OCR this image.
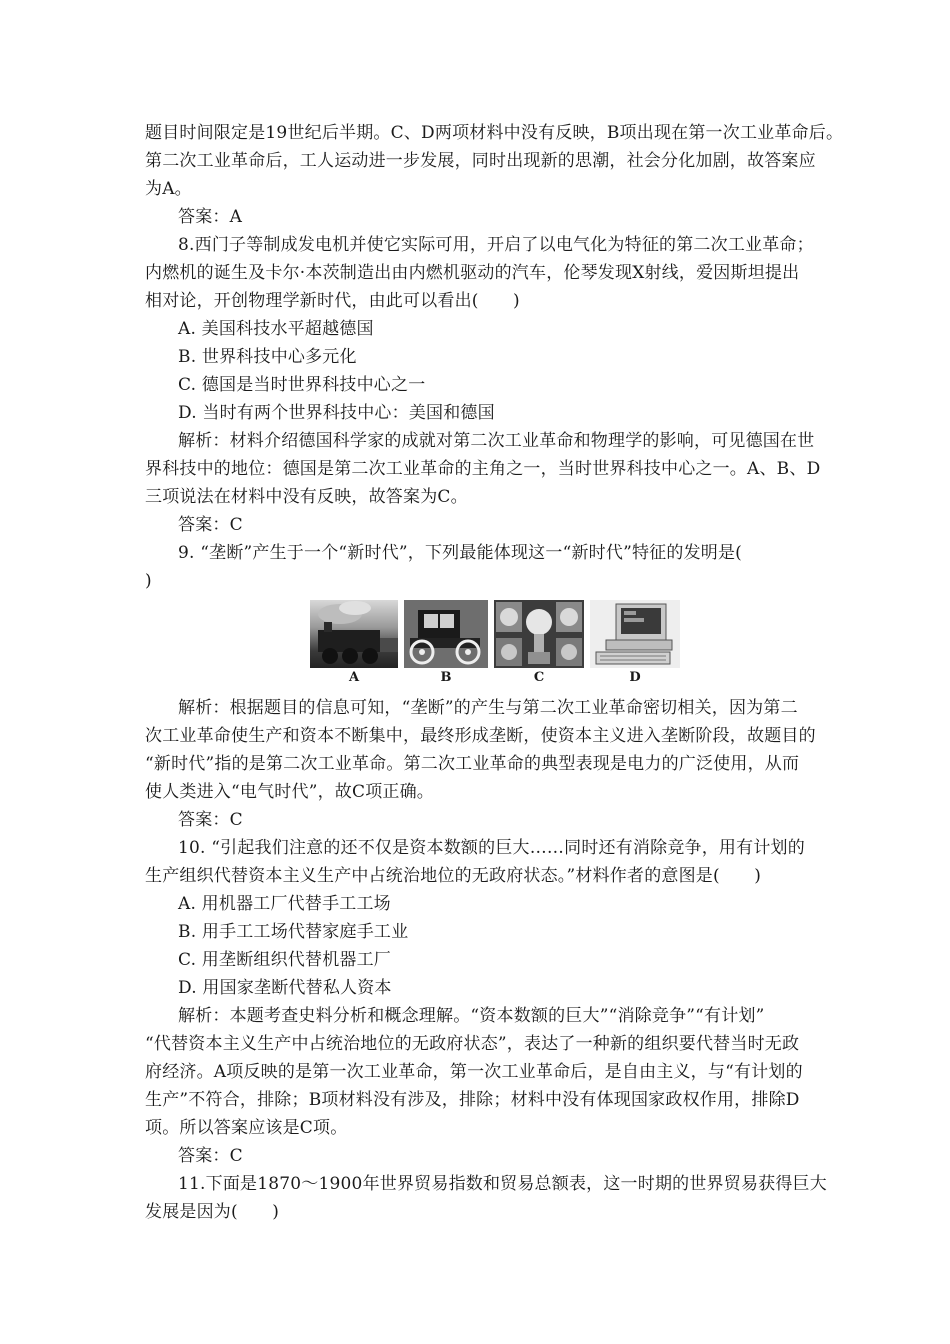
题目时间限定是19世纪后半期。C、D两项材料中没有反映，B项出现在第一次工业革命后。
第二次工业革命后，工人运动进一步发展，同时出现新的思潮，社会分化加剧，故答案应
为A。
答案：A
8.西门子等制成发电机并使它实际可用，开启了以电气化为特征的第二次工业革命；
内燃机的诞生及卡尔·本茨制造出由内燃机驱动的汽车，伦琴发现X射线，爱因斯坦提出
相对论，开创物理学新时代，由此可以看出(　　)
A. 美国科技水平超越德国
B. 世界科技中心多元化
C. 德国是当时世界科技中心之一
D. 当时有两个世界科技中心：美国和德国
解析：材料介绍德国科学家的成就对第二次工业革命和物理学的影响，可见德国在世
界科技中的地位：德国是第二次工业革命的主角之一，当时世界科技中心之一。A、B、D
三项说法在材料中没有反映，故答案为C。
答案：C
9. “垄断”产生于一个“新时代”，下列最能体现这一“新时代”特征的发明是(
)
A	B	C	D
解析：根据题目的信息可知，“垄断”的产生与第二次工业革命密切相关，因为第二
次工业革命使生产和资本不断集中，最终形成垄断，使资本主义进入垄断阶段，故题目的
“新时代”指的是第二次工业革命。第二次工业革命的典型表现是电力的广泛使用，从而
使人类进入“电气时代”，故C项正确。
答案：C
10. “引起我们注意的还不仅是资本数额的巨大……同时还有消除竞争，用有计划的
生产组织代替资本主义生产中占统治地位的无政府状态。”材料作者的意图是(　　)
A. 用机器工厂代替手工工场
B. 用手工工场代替家庭手工业
C. 用垄断组织代替机器工厂
D. 用国家垄断代替私人资本
解析：本题考查史料分析和概念理解。“资本数额的巨大”“消除竞争”“有计划”
“代替资本主义生产中占统治地位的无政府状态”，表达了一种新的组织要代替当时无政
府经济。A项反映的是第一次工业革命，第一次工业革命后，是自由主义，与“有计划的
生产”不符合，排除；B项材料没有涉及，排除；材料中没有体现国家政权作用，排除D
项。所以答案应该是C项。
答案：C
11.下面是1870～1900年世界贸易指数和贸易总额表，这一时期的世界贸易获得巨大
发展是因为(　　)
